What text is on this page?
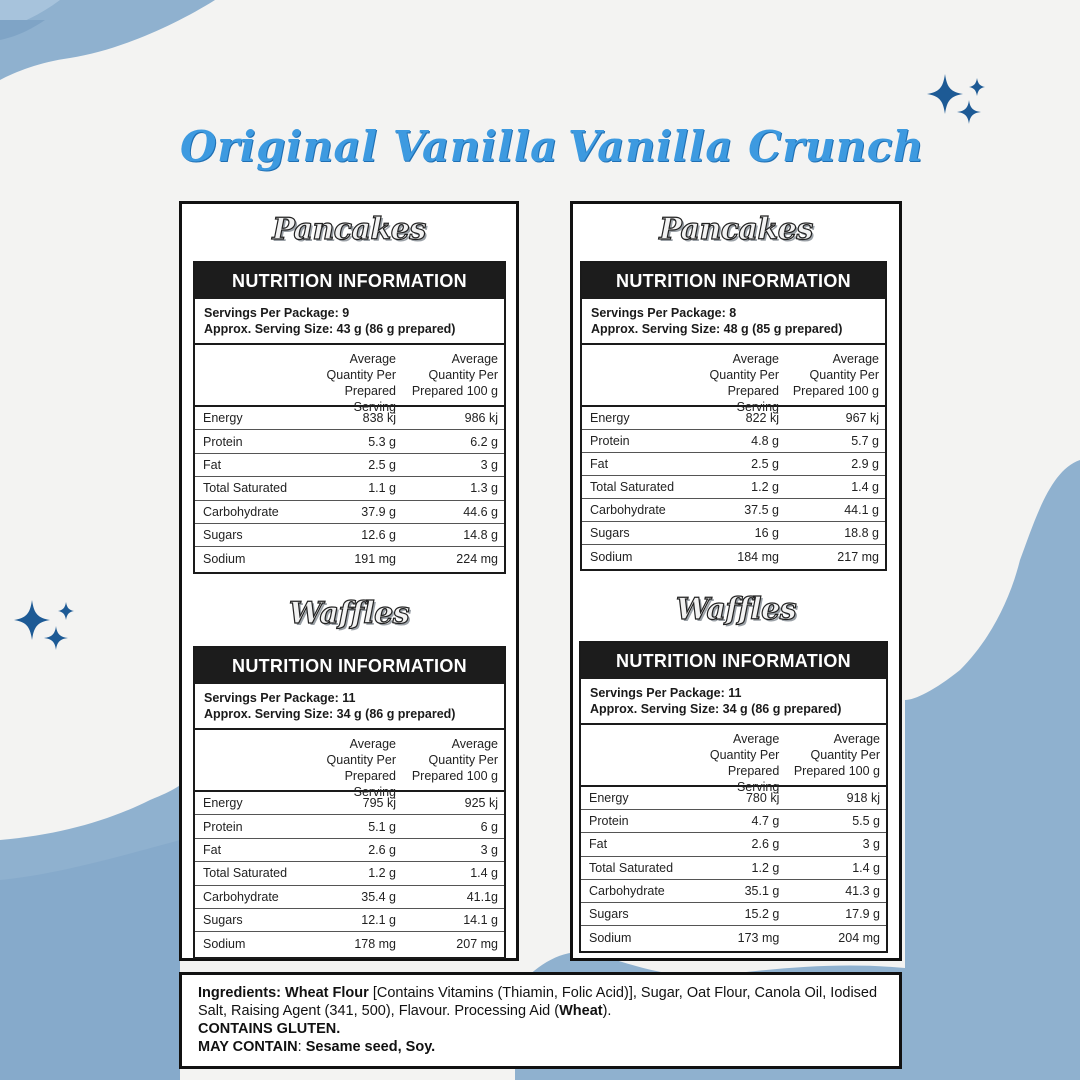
Original Vanilla Vanilla Crunch
Pancakes
NUTRITION INFORMATION
Servings Per Package: 9
Approx. Serving Size: 43 g (86 g prepared)
Average
Quantity Per
Prepared Serving
Average
Quantity Per
Prepared 100 g
Energy	838 kj	986 kj
Protein	5.3 g	6.2 g
Fat	2.5 g	3 g
Total Saturated	1.1 g	1.3 g
Carbohydrate	37.9 g	44.6 g
Sugars	12.6 g	14.8 g
Sodium	191 mg	224 mg
Waffles
NUTRITION INFORMATION
Servings Per Package: 11
Approx. Serving Size: 34 g (86 g prepared)
Average
Quantity Per
Prepared Serving
Average
Quantity Per
Prepared 100 g
Energy	795 kj	925 kj
Protein	5.1 g	6 g
Fat	2.6 g	3 g
Total Saturated	1.2 g	1.4 g
Carbohydrate	35.4 g	41.1g
Sugars	12.1 g	14.1 g
Sodium	178 mg	207 mg
Pancakes
NUTRITION INFORMATION
Servings Per Package: 8
Approx. Serving Size: 48 g (85 g prepared)
Average
Quantity Per
Prepared Serving
Average
Quantity Per
Prepared 100 g
Energy	822 kj	967 kj
Protein	4.8 g	5.7 g
Fat	2.5 g	2.9 g
Total Saturated	1.2 g	1.4 g
Carbohydrate	37.5 g	44.1 g
Sugars	16 g	18.8 g
Sodium	184 mg	217 mg
Waffles
NUTRITION INFORMATION
Servings Per Package: 11
Approx. Serving Size: 34 g (86 g prepared)
Average
Quantity Per
Prepared Serving
Average
Quantity Per
Prepared 100 g
Energy	780 kj	918 kj
Protein	4.7 g	5.5 g
Fat	2.6 g	3 g
Total Saturated	1.2 g	1.4 g
Carbohydrate	35.1 g	41.3 g
Sugars	15.2 g	17.9 g
Sodium	173 mg	204 mg
Ingredients: Wheat Flour [Contains Vitamins (Thiamin, Folic Acid)], Sugar, Oat Flour, Canola Oil, Iodised Salt, Raising Agent (341, 500), Flavour. Processing Aid (Wheat).
CONTAINS GLUTEN.
MAY CONTAIN: Sesame seed, Soy.
